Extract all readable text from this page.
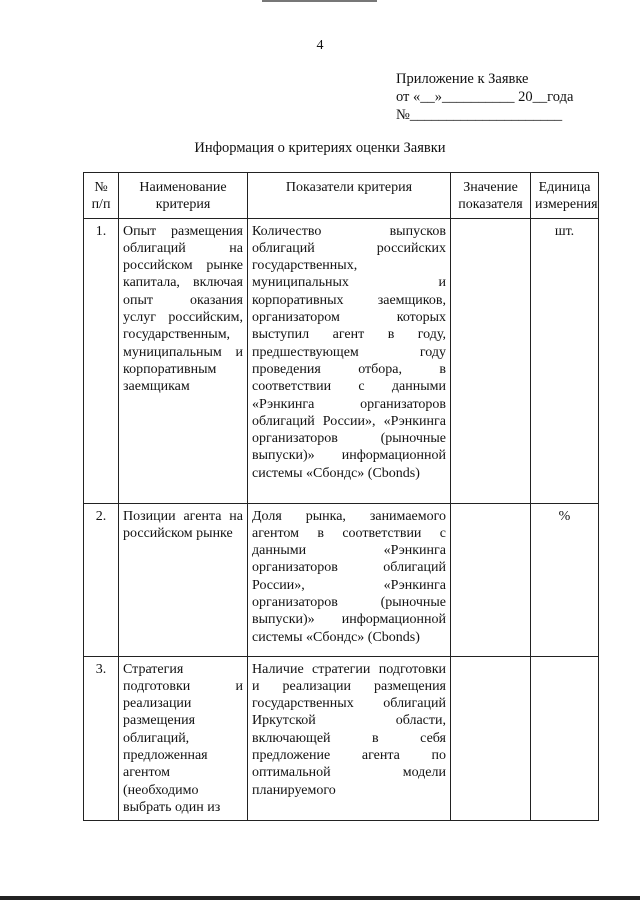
4
Приложение к Заявке
от «__»__________ 20__года
№_____________________
Информация о критериях оценки Заявки
№ п/п	Наименование критерия	Показатели критерия	Значение показателя	Единица измерения
1.	Опыт размещения облигаций на российском рынке капитала, включая опыт оказания услуг российским, государственным, муниципальным и корпоративным заемщикам	Количество выпусков облигаций российских государственных, муниципальных и корпоративных заемщиков, организатором которых выступил агент в году, предшествующем году проведения отбора, в соответствии с данными «Рэнкинга организаторов облигаций России», «Рэнкинга организаторов (рыночные выпуски)» информационной системы «Cбондс» (Cbonds)		шт.
2.	Позиции агента на российском рынке	Доля рынка, занимаемого агентом в соответствии с данными «Рэнкинга организаторов облигаций России», «Рэнкинга организаторов (рыночные выпуски)» информационной системы «Cбондс» (Cbonds)		%
3.	Стратегия подготовки и реализации размещения облигаций, предложенная агентом (необходимо выбрать один из	Наличие стратегии подготовки и реализации размещения государственных облигаций Иркутской области, включающей в себя предложение агента по оптимальной модели планируемого		
